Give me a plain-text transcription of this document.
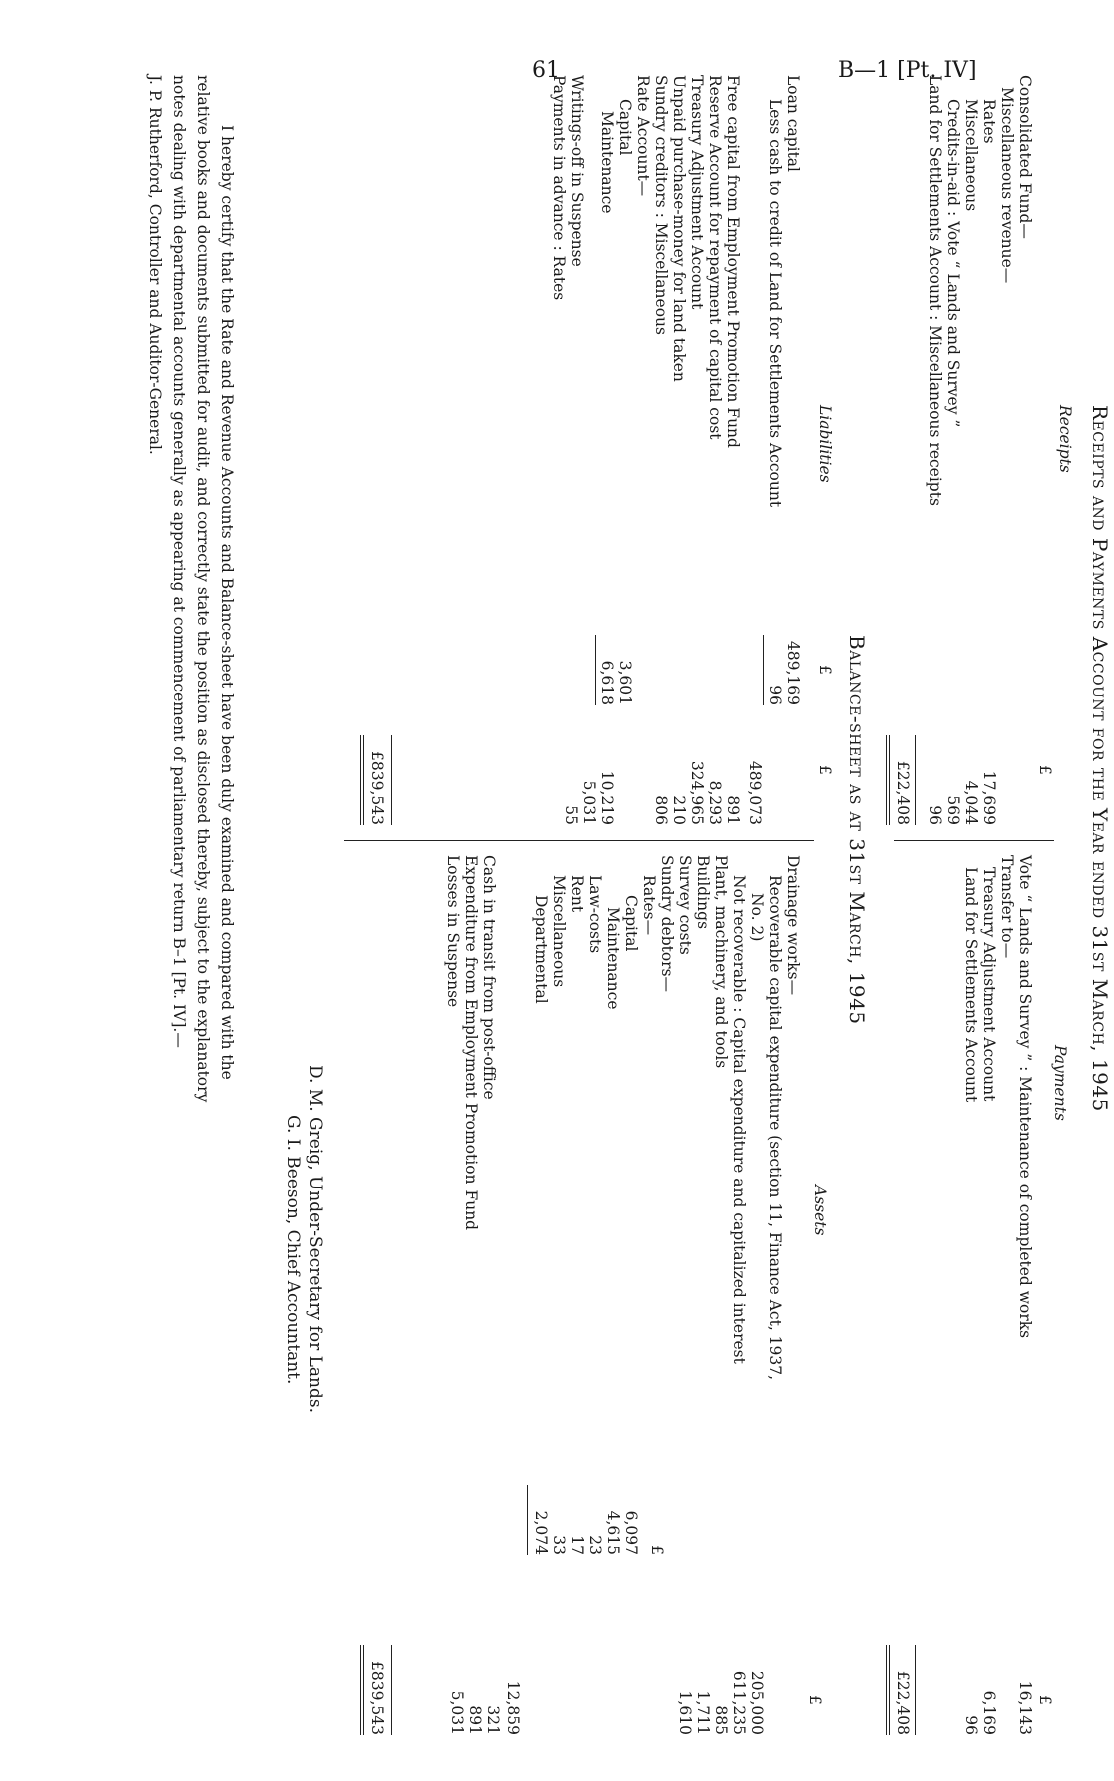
61	B—1 [Pt. IV]
Receipts and Payments Account for the Year ended 31st March, 1945
Receipts
Payments
£
£
Consolidated Fund—
Miscellaneous revenue—
Rates
Miscellaneous
Credits-in-aid : Vote “ Lands and Survey ”
Land for Settlements Account : Miscellaneous receipts
17,699
4,044
569
96
£22,408
Vote “ Lands and Survey ” : Maintenance of completed works
Transfer to—
Treasury Adjustment Account
Land for Settlements Account
16,143
6,169
96
£22,408
Balance-sheet as at 31st March, 1945
Liabilities
Assets
£
£
£
Loan capital
489,169
Less cash to credit of Land for Settlements Account
96
489,073
Free capital from Employment Promotion Fund
891
Reserve Account for repayment of capital cost
8,293
Treasury Adjustment Account
324,965
Unpaid purchase-money for land taken
210
Sundry creditors : Miscellaneous
806
Rate Account—
Capital
3,601
Maintenance
6,618
10,219
Writings-off in Suspense
5,031
Payments in advance : Rates
55
£839,543
Drainage works—
Recoverable capital expenditure (section 11, Finance Act, 1937,
No. 2)
205,000
Not recoverable : Capital expenditure and capitalized interest
611,235
Plant, machinery, and tools
885
Buildings
1,711
Survey costs
1,610
Sundry debtors—
Rates—
£
Capital
6,097
Maintenance
4,615
Law-costs
23
Rent
17
Miscellaneous
33
Departmental
2,074
12,859
Cash in transit from post-office
321
Expenditure from Employment Promotion Fund
891
Losses in Suspense
5,031
£839,543
D. M. Greig, Under-Secretary for Lands.
G. I. Beeson, Chief Accountant.
I hereby certify that the Rate and Revenue Accounts and Balance-sheet have been duly examined and compared with the
relative books and documents submitted for audit, and correctly state the position as disclosed thereby, subject to the explanatory
notes dealing with departmental accounts generally as appearing at commencement of parliamentary return B–1 [Pt. IV].—
J. P. Rutherford, Controller and Auditor-General.
